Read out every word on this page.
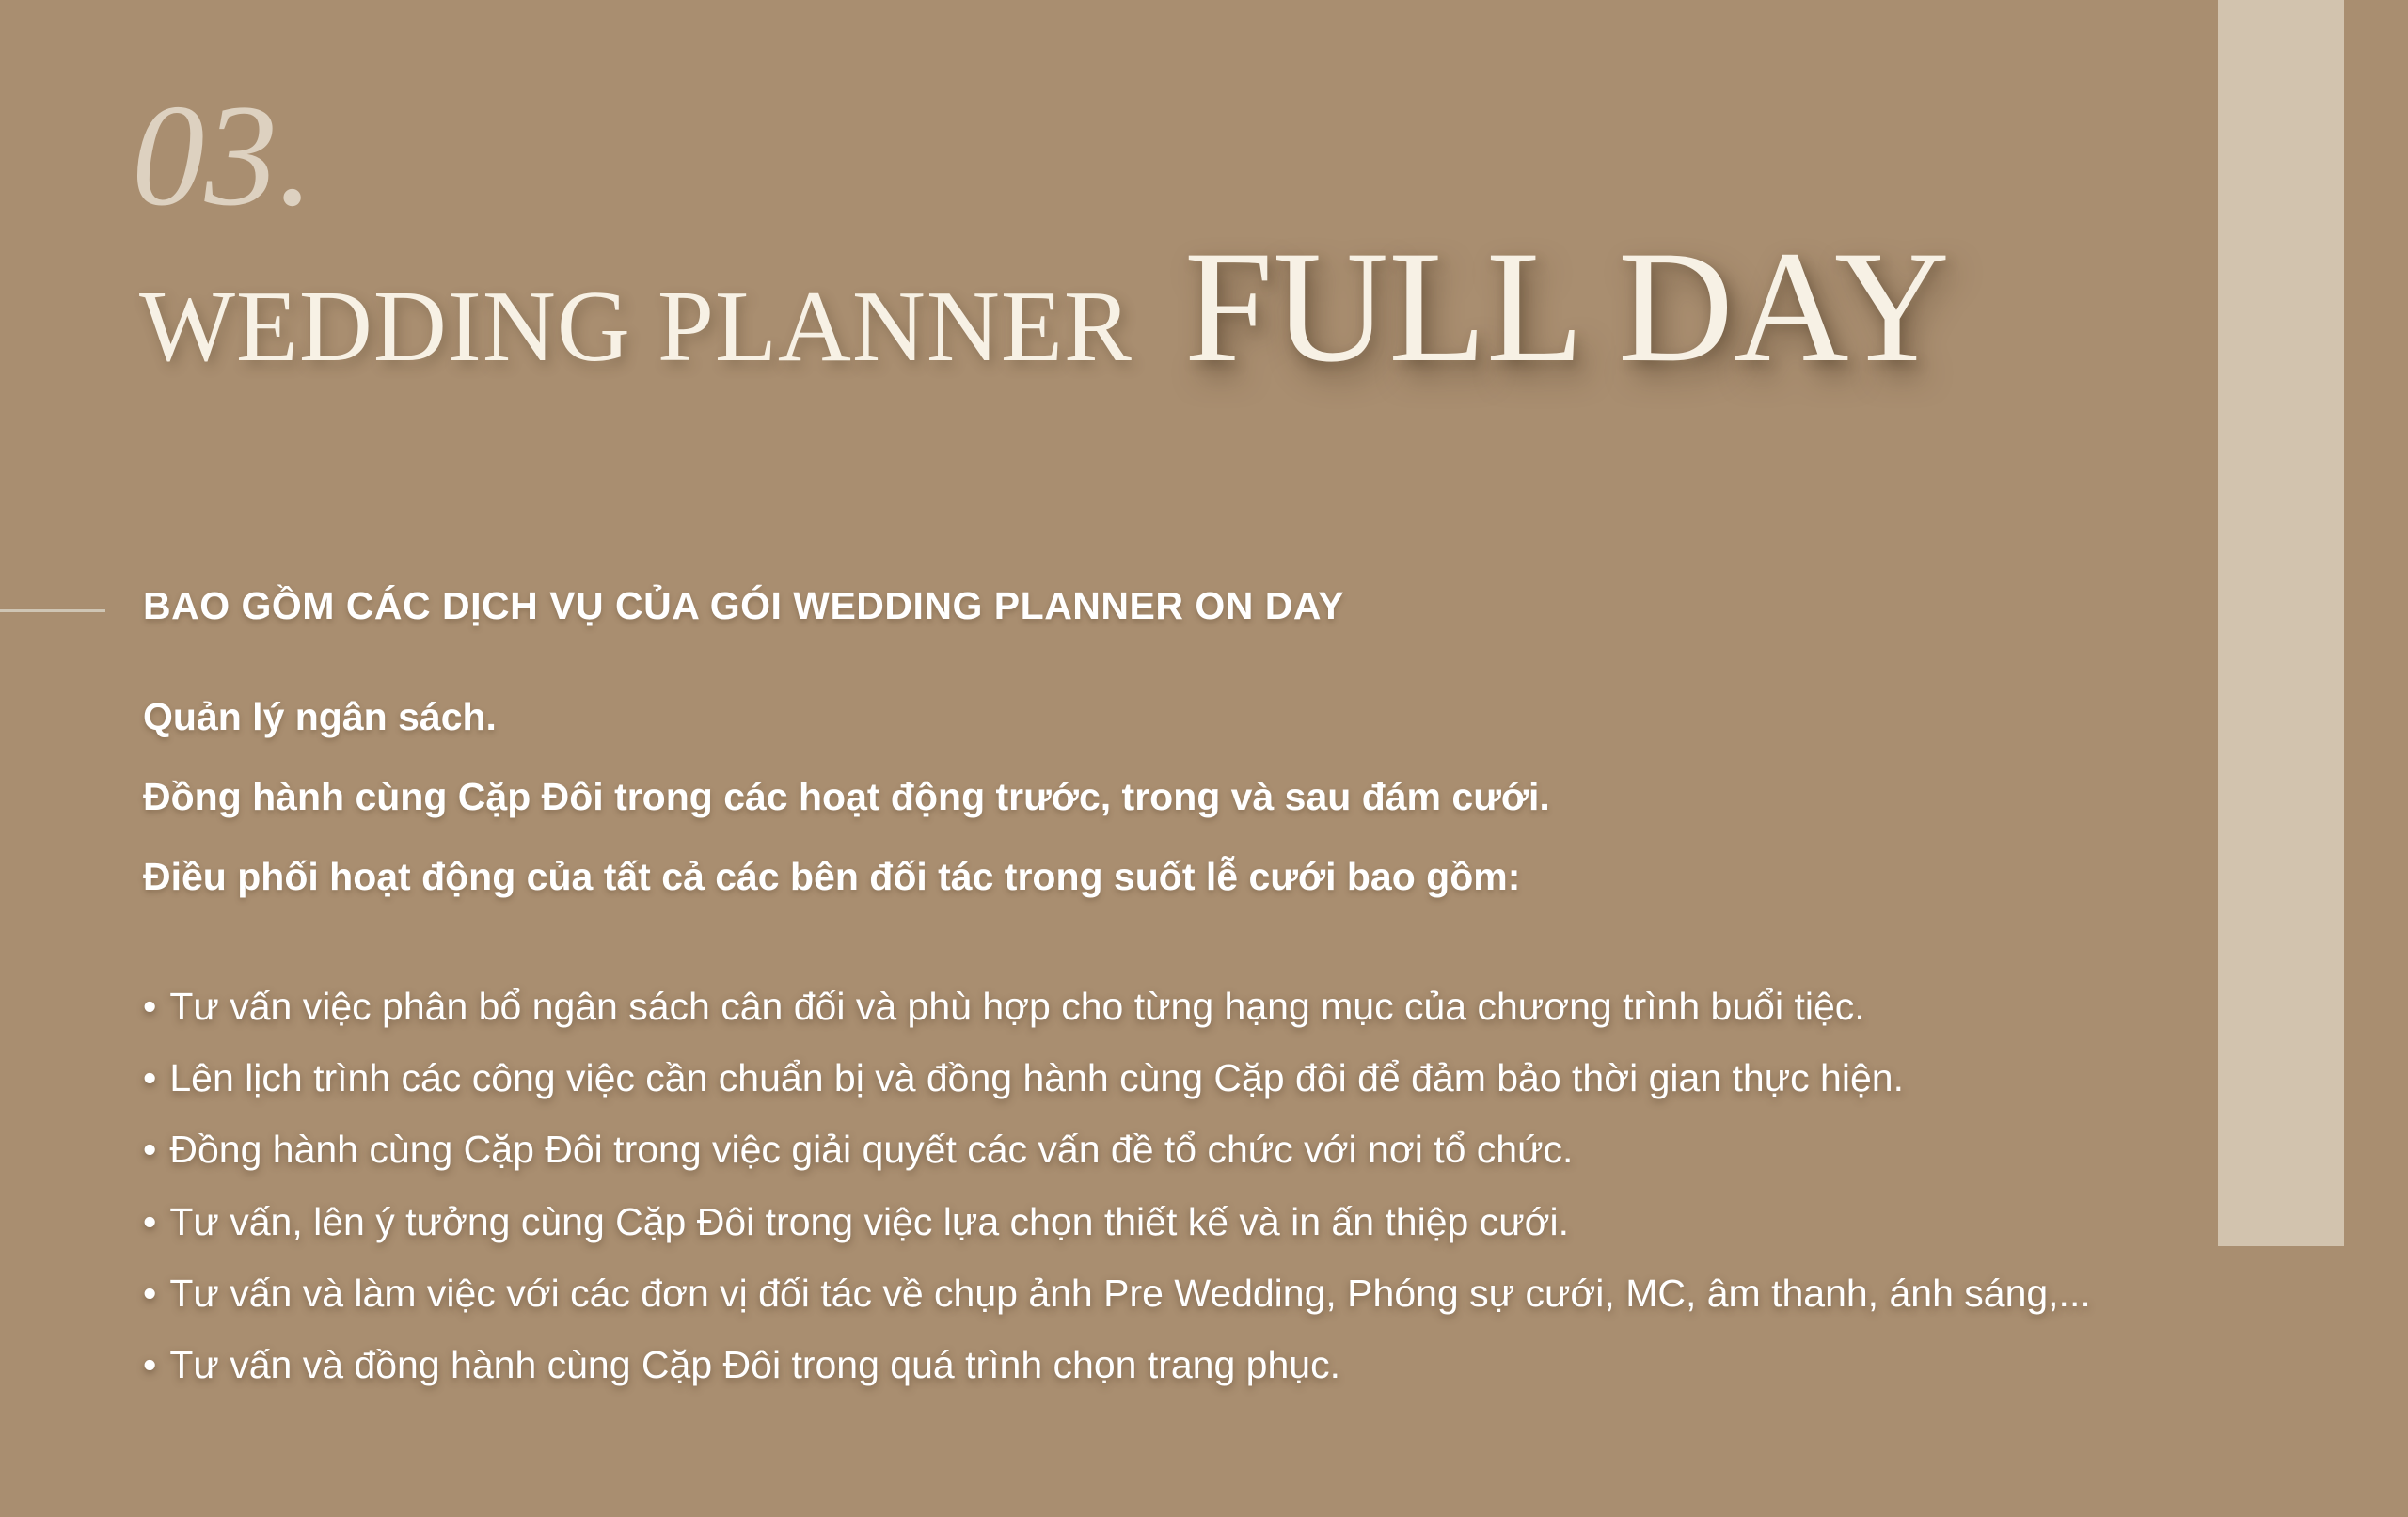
03.
WEDDING PLANNER FULL DAY
BAO GỒM CÁC DỊCH VỤ CỦA GÓI WEDDING PLANNER ON DAY

Quản lý ngân sách.

Đồng hành cùng Cặp Đôi trong các hoạt động trước, trong và sau đám cưới.

Điều phối hoạt động của tất cả các bên đối tác trong suốt lễ cưới bao gồm:

•
Tư vấn việc phân bổ ngân sách cân đối và phù hợp cho từng hạng mục của chương trình buổi tiệc.
•
Lên lịch trình các công việc cần chuẩn bị và đồng hành cùng Cặp đôi để đảm bảo thời gian thực hiện.
•
Đồng hành cùng Cặp Đôi trong việc giải quyết các vấn đề tổ chức với nơi tổ chức.
•
Tư vấn, lên ý tưởng cùng Cặp Đôi trong việc lựa chọn thiết kế và in ấn thiệp cưới.
•
Tư vấn và làm việc với các đơn vị đối tác về chụp ảnh Pre Wedding, Phóng sự cưới, MC, âm thanh, ánh sáng,...
•
Tư vấn và đồng hành cùng Cặp Đôi trong quá trình chọn trang phục.
